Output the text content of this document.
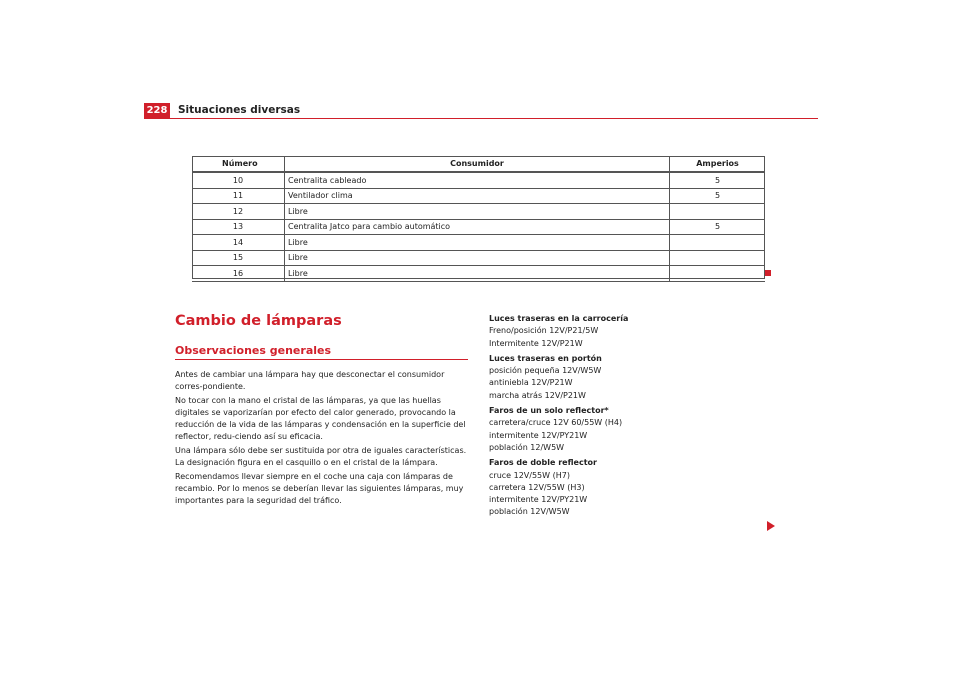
228 Situaciones diversas
Número	Consumidor	Amperios
10	Centralita cableado	5
11	Ventilador clima	5
12	Libre	
13	Centralita Jatco para cambio automático	5
14	Libre	
15	Libre	
16	Libre	
Cambio de lámparas
Observaciones generales

Antes de cambiar una lámpara hay que desconectar el consumidor corres-pondiente.

No tocar con la mano el cristal de las lámparas, ya que las huellas digitales se vaporizarían por efecto del calor generado, provocando la reducción de la vida de las lámparas y condensación en la superficie del reflector, redu-ciendo así su eficacia.

Una lámpara sólo debe ser sustituida por otra de iguales características. La designación figura en el casquillo o en el cristal de la lámpara.

Recomendamos llevar siempre en el coche una caja con lámparas de recambio. Por lo menos se deberían llevar las siguientes lámparas, muy importantes para la seguridad del tráfico.

Luces traseras en la carrocería
Freno/posición 12V/P21/5W
Intermitente 12V/P21W
Luces traseras en portón
posición pequeña 12V/W5W
antiniebla 12V/P21W
marcha atrás 12V/P21W
Faros de un solo reflector*
carretera/cruce 12V 60/55W (H4)
intermitente 12V/PY21W
población 12/W5W
Faros de doble reflector
cruce 12V/55W (H7)
carretera 12V/55W (H3)
intermitente 12V/PY21W
población 12V/W5W
